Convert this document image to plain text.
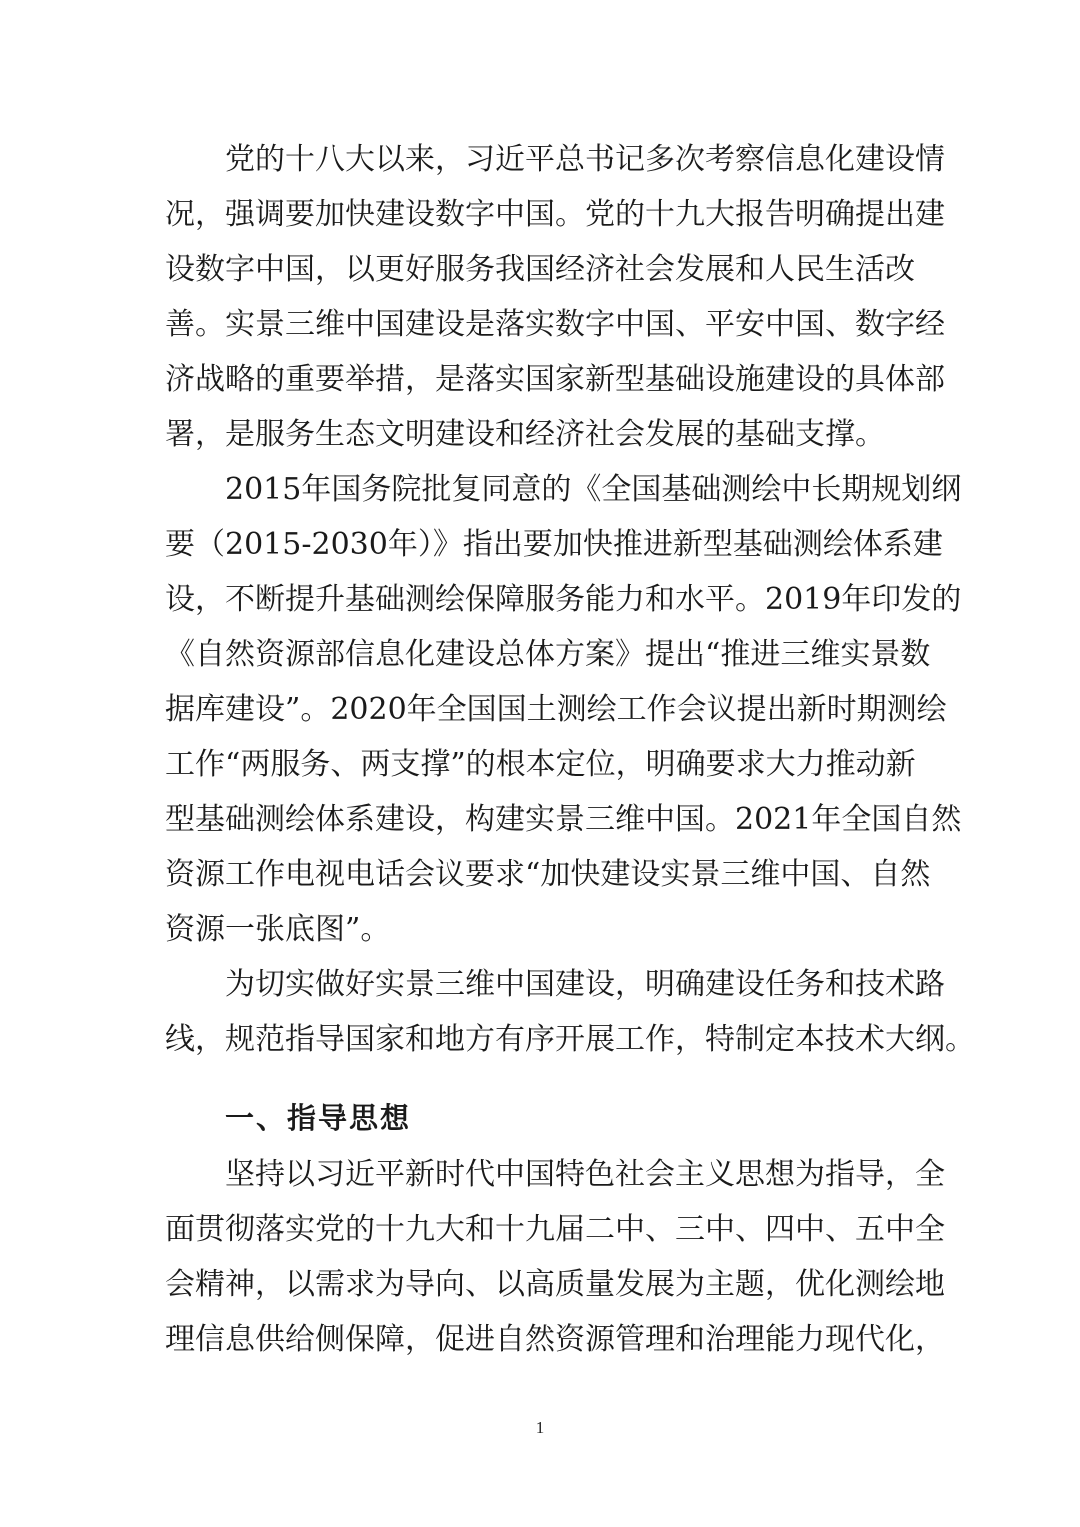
党的十八大以来，习近平总书记多次考察信息化建设情
况，强调要加快建设数字中国。党的十九大报告明确提出建
设数字中国，以更好服务我国经济社会发展和人民生活改
善。实景三维中国建设是落实数字中国、平安中国、数字经
济战略的重要举措，是落实国家新型基础设施建设的具体部
署，是服务生态文明建设和经济社会发展的基础支撑。
2015年国务院批复同意的《全国基础测绘中长期规划纲
要（2015-2030年）》指出要加快推进新型基础测绘体系建
设，不断提升基础测绘保障服务能力和水平。2019年印发的
《自然资源部信息化建设总体方案》提出“推进三维实景数
据库建设”。2020年全国国土测绘工作会议提出新时期测绘
工作“两服务、两支撑”的根本定位，明确要求大力推动新
型基础测绘体系建设，构建实景三维中国。2021年全国自然
资源工作电视电话会议要求“加快建设实景三维中国、自然
资源一张底图”。
为切实做好实景三维中国建设，明确建设任务和技术路
线，规范指导国家和地方有序开展工作，特制定本技术大纲。
一、指导思想
坚持以习近平新时代中国特色社会主义思想为指导，全
面贯彻落实党的十九大和十九届二中、三中、四中、五中全
会精神，以需求为导向、以高质量发展为主题，优化测绘地
理信息供给侧保障，促进自然资源管理和治理能力现代化，
1
